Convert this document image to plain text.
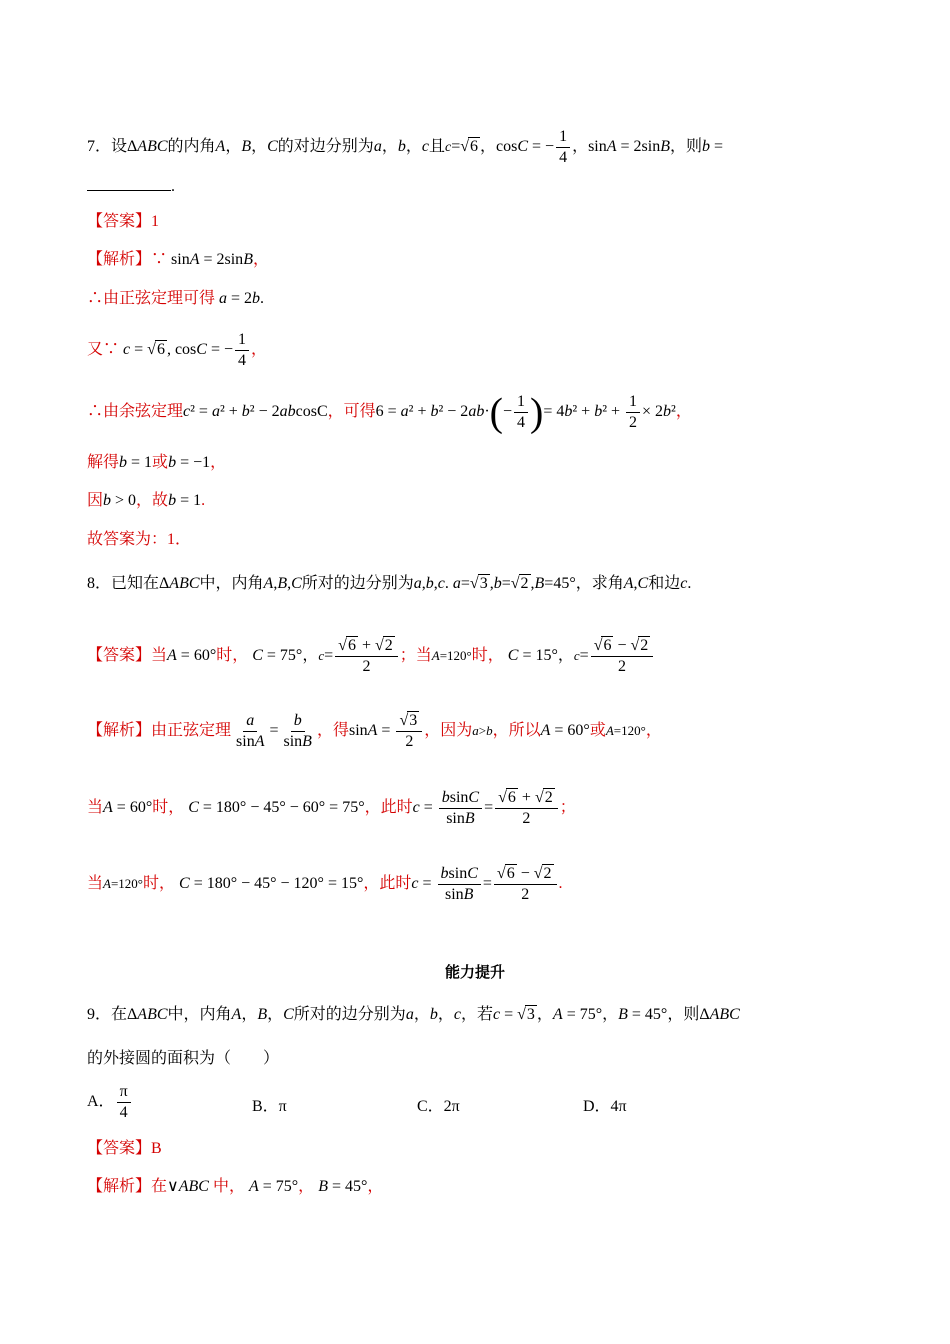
7．设ΔABC的内角A，B，C的对边分别为a，b，c且c=√6 ，cosC = − $\frac{1}{4}$ ，sinA = 2sinB，则b =
.
【答案】1
【解析】∵ sinA = 2sinB，
∴由正弦定理可得 a = 2b.
又∵ c = √6 , cosC = − $\frac{1}{4}$ ，
∴由余弦定理c² = a² + b² − 2abcosC，可得$6 = a^2 + b^2 - 2ab\cdot(- \frac{1}{4}$ )= $4b^2 + b^2 + \frac{1}{2} \times 2b^2$，
解得b = 1或b = −1，
因b > 0，故b = 1.
故答案为：1．
8．已知在ΔABC中，内角A,B,C所对的边分别为a,b,c. a=√3 ,b=√2 ,B=45°，求角A,C和边c.
【答案】当A = 60°时， C = 75°，$c= \frac{√6 + √2}{2}$ ；当A=120°时， C = 15°，$c= \frac{√6 - √2}{2}$
【解析】由正弦定理 $\frac{a}{\sin A} = \frac{b}{\sin B}$ ，得$\sin A = \frac{√3}{2}$ ，因为a>b，所以A = 60°或A=120°，
当A = 60°时， C = 180° − 45° − 60° = 75°，此时$c = \frac{bsinC}{\sin B} = \frac{√6 + √2}{2}$ ；
当A=120°时， C = 180° − 45° − 120° = 15°，此时$c = \frac{bsinC}{\sin B} = \frac{√6 - √2}{2}$ .
能力提升
9．在ΔABC中，内角A，B，C所对的边分别为a，b，c，若c = √3 ，A = 75°，B = 45°，则ΔABC
的外接圆的面积为（　　）
A． $\frac{\pi}{4}$	B．π	C．2π	D．4π
【答案】B
【解析】在∨ABC 中， A = 75°， B = 45°，
